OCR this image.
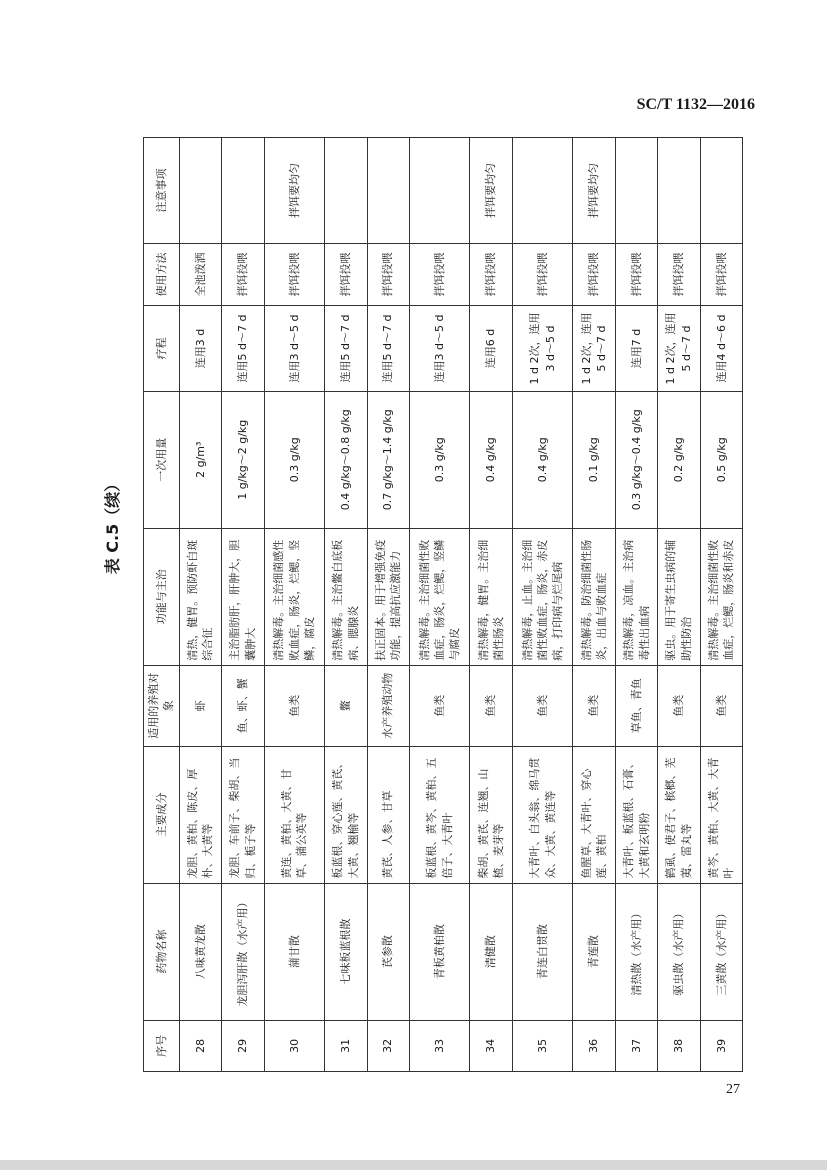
SC/T 1132—2016
表 C.5（续）
序号	药物名称	主要成分	适用的养殖对象	功能与主治	一次用量	疗程	使用方法	注意事项
28	八味黄龙散	龙胆、黄柏、陈皮、厚朴、大黄等	虾	清热，健胃。预防虾白斑综合征	2 g/m³	连用3 d	全池泼洒	
29	龙胆泻肝散（水产用）	龙胆、车前子、柴胡、当归、栀子等	鱼、虾、蟹	主治脂肪肝，肝肿大，胆囊肿大	1 g/kg～2 g/kg	连用5 d～7 d	拌饵投喂	
30	蒲甘散	黄连、黄柏、大黄、甘草、蒲公英等	鱼类	清热解毒。主治细菌感性败血症，肠炎，烂鳃，竖鳞，腐皮	0.3 g/kg	连用3 d～5 d	拌饵投喂	拌饵要均匀
31	七味板蓝根散	板蓝根、穿心莲、黄芪、大黄、翘榆等	鳖	清热解毒。主治鳖白底板病、腮腺炎	0.4 g/kg～0.8 g/kg	连用5 d～7 d	拌饵投喂	
32	芪参散	黄芪、人参、甘草	水产养殖动物	扶正固本。用于增强免疫功能，提高抗应激能力	0.7 g/kg～1.4 g/kg	连用5 d～7 d	拌饵投喂	
33	青板黄柏散	板蓝根、黄芩、黄柏、五倍子、大青叶	鱼类	清热解毒。主治细菌性败血症，肠炎，烂鳃，竖鳞与腐皮	0.3 g/kg	连用3 d～5 d	拌饵投喂	
34	清健散	柴胡、黄芪、连翘、山楂、麦芽等	鱼类	清热解毒，健胃。主治细菌性肠炎	0.4 g/kg	连用6 d	拌饵投喂	拌饵要均匀
35	青连白贯散	大青叶、白头翁、绵马贯众、大黄、黄连等	鱼类	清热解毒，止血。主治细菌性败血症，肠炎，赤皮病，打印病与烂尾病	0.4 g/kg	1 d 2次，连用3 d～5 d	拌饵投喂	
36	青莲散	鱼腥草、大青叶、穿心莲、黄柏	鱼类	清热解毒。防治细菌性肠炎，出血与败血症	0.1 g/kg	1 d 2次，连用5 d～7 d	拌饵投喂	拌饵要均匀
37	清热散（水产用）	大青叶、板蓝根、石膏、大黄和玄明粉	草鱼、青鱼	清热解毒，凉血。主治病毒性出血病	0.3 g/kg～0.4 g/kg	连用7 d	拌饵投喂	
38	驱虫散（水产用）	鹤虱、使君子、槟榔、芜荑、雷丸等	鱼类	驱虫。用于寄生虫病的辅助性防治	0.2 g/kg	1 d 2次，连用5 d～7 d	拌饵投喂	
39	三黄散（水产用）	黄芩、黄柏、大黄、大青叶	鱼类	清热解毒。主治细菌性败血症，烂鳃，肠炎和赤皮	0.5 g/kg	连用4 d～6 d	拌饵投喂	
27
